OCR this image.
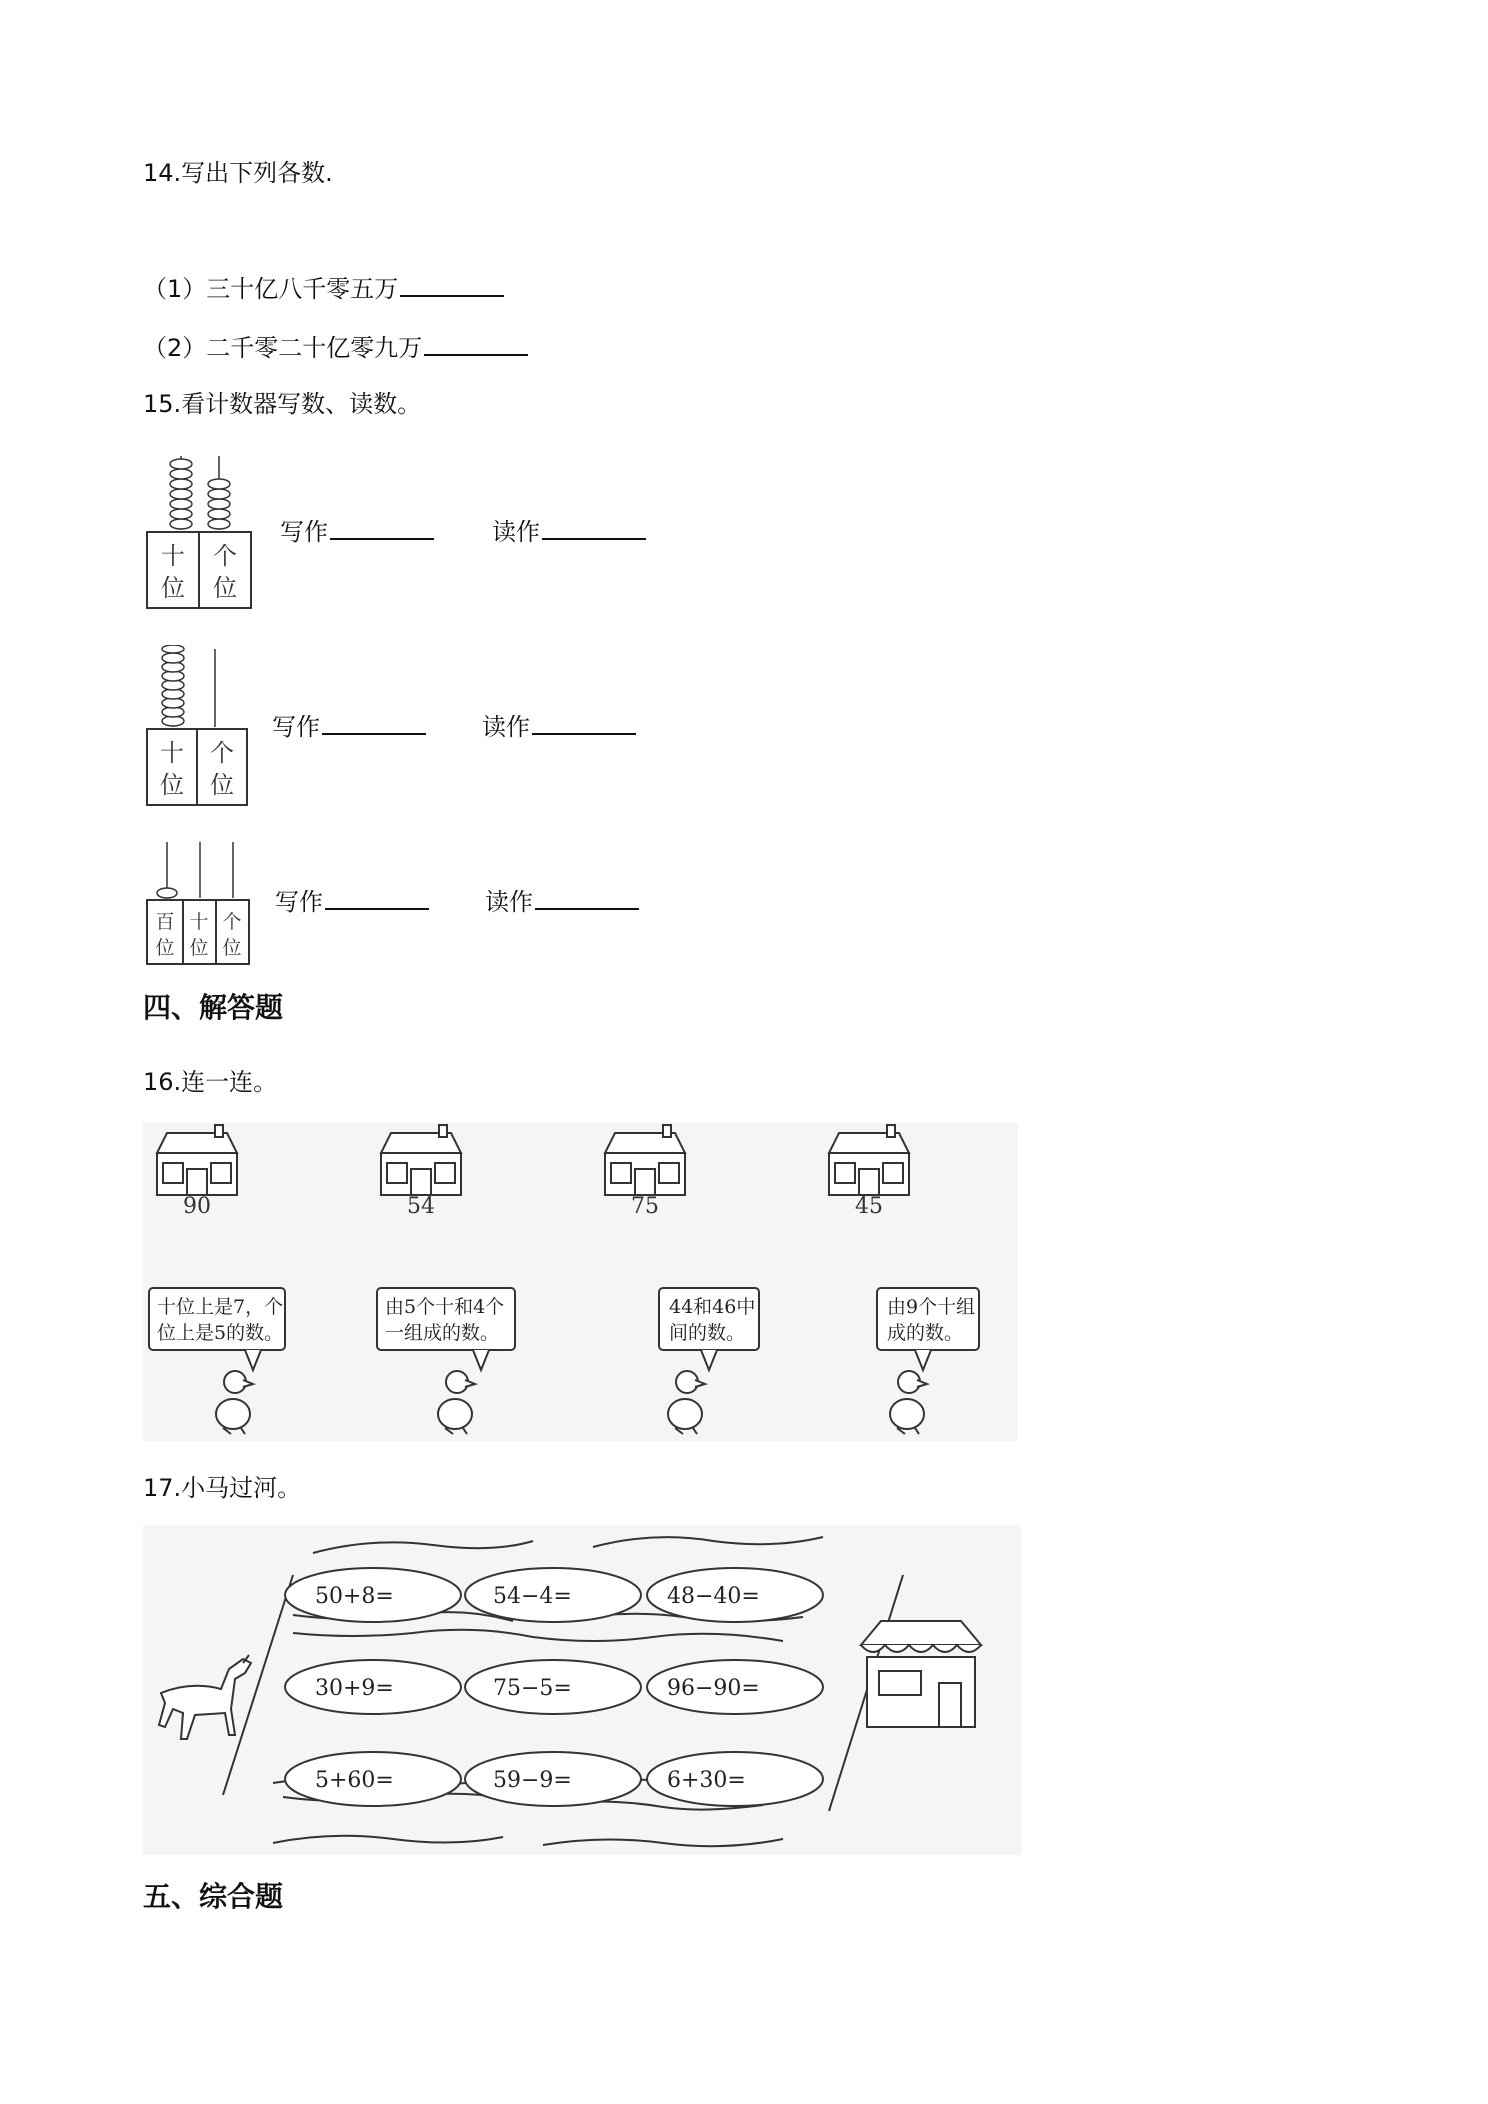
14.写出下列各数.
（1）三十亿八千零五万
（2）二千零二十亿零九万
15.看计数器写数、读数。
十
位
个
位
写作	读作
十
位
个
位
写作	读作
百
位
十
位
个
位
写作	读作
四、解答题
16.连一连。
90	54	75	45
十位上是7，个
位上是5的数。
由5个十和4个
一组成的数。
44和46中
间的数。
由9个十组
成的数。
17.小马过河。
50+8=	54−4=	48−40=
30+9=	75−5=	96−90=
5+60=	59−9=	6+30=
五、综合题
